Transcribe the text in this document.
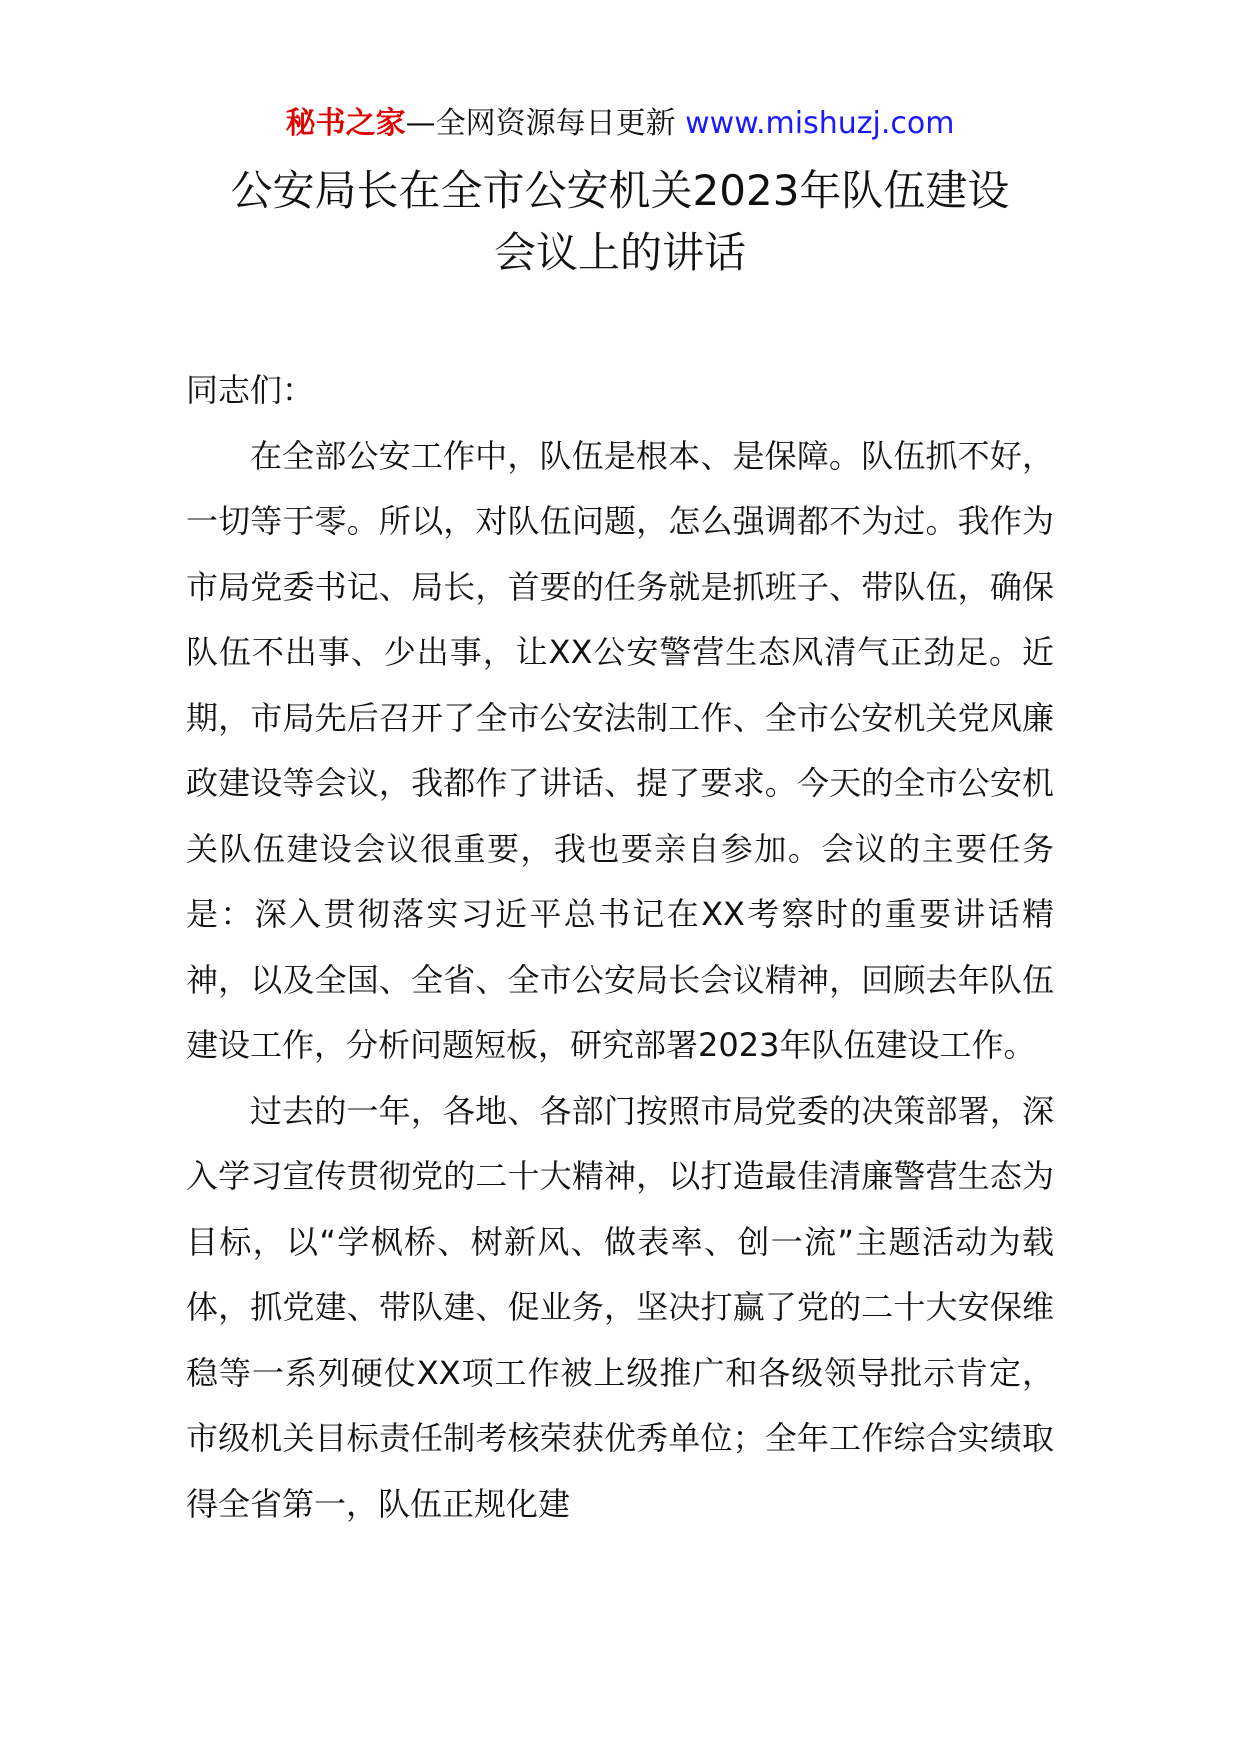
秘书之家—全网资源每日更新 www.mishuzj.com
公安局长在全市公安机关2023年队伍建设
会议上的讲话

同志们：

在全部公安工作中，队伍是根本、是保障。队伍抓不好，一切等于零。所以，对队伍问题，怎么强调都不为过。我作为市局党委书记、局长，首要的任务就是抓班子、带队伍，确保队伍不出事、少出事，让XX公安警营生态风清气正劲足。近期，市局先后召开了全市公安法制工作、全市公安机关党风廉政建设等会议，我都作了讲话、提了要求。今天的全市公安机关队伍建设会议很重要，我也要亲自参加。会议的主要任务是：深入贯彻落实习近平总书记在XX考察时的重要讲话精神，以及全国、全省、全市公安局长会议精神，回顾去年队伍建设工作，分析问题短板，研究部署2023年队伍建设工作。

过去的一年，各地、各部门按照市局党委的决策部署，深入学习宣传贯彻党的二十大精神，以打造最佳清廉警营生态为目标，以“学枫桥、树新风、做表率、创一流”主题活动为载体，抓党建、带队建、促业务，坚决打赢了党的二十大安保维稳等一系列硬仗XX项工作被上级推广和各级领导批示肯定，市级机关目标责任制考核荣获优秀单位；全年工作综合实绩取得全省第一，队伍正规化建
